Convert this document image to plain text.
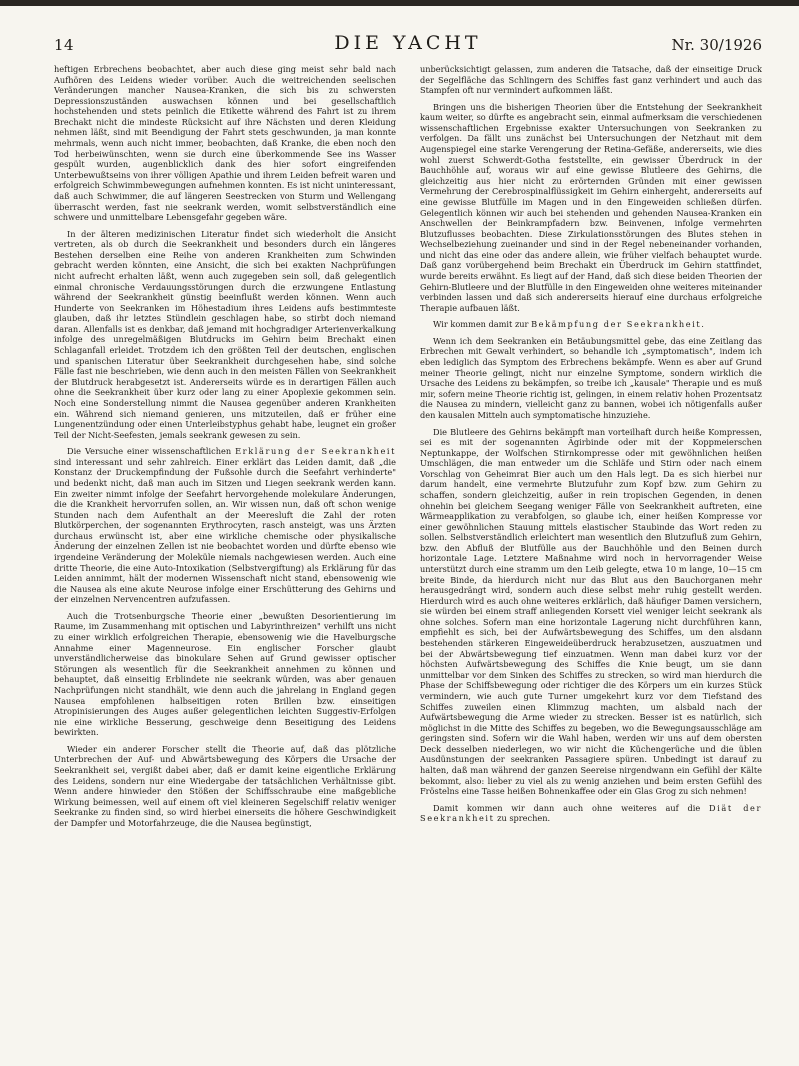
14	DIE YACHT	Nr. 30/1926

heftigen Erbrechens beobachtet, aber auch diese ging meist sehr bald nach Aufhören des Leidens wieder vorüber. Auch die weitreichenden seelischen Veränderungen mancher Nausea-Kranken, die sich bis zu schwersten Depressionszuständen auswachsen können und bei gesellschaftlich hochstehenden und stets peinlich die Etikette während des Fahrt ist zu ihrem Brechakt nicht die mindeste Rücksicht auf ihre Nächsten und deren Kleidung nehmen läßt, sind mit Beendigung der Fahrt stets geschwunden, ja man konnte mehrmals, wenn auch nicht immer, beobachten, daß Kranke, die eben noch den Tod herbeiwünschten, wenn sie durch eine überkommende See ins Wasser gespült wurden, augenblicklich dank des hier sofort eingreifenden Unterbewußtseins von ihrer völligen Apathie und ihrem Leiden befreit waren und erfolgreich Schwimmbewegungen aufnehmen konnten. Es ist nicht uninteressant, daß auch Schwimmer, die auf längeren Seestrecken von Sturm und Wellengang überrascht werden, fast nie seekrank werden, womit selbstverständlich eine schwere und unmittelbare Lebensgefahr gegeben wäre.

In der älteren medizinischen Literatur findet sich wiederholt die Ansicht vertreten, als ob durch die Seekrankheit und besonders durch ein längeres Bestehen derselben eine Reihe von anderen Krankheiten zum Schwinden gebracht werden könnten, eine Ansicht, die sich bei exakten Nachprüfungen nicht aufrecht erhalten läßt, wenn auch zugegeben sein soll, daß gelegentlich einmal chronische Verdauungsstörungen durch die erzwungene Entlastung während der Seekrankheit günstig beeinflußt werden können. Wenn auch Hunderte von Seekranken im Höhestadium ihres Leidens aufs bestimmteste glauben, daß ihr letztes Stündlein geschlagen habe, so stirbt doch niemand daran. Allenfalls ist es denkbar, daß jemand mit hochgradiger Arterienverkalkung infolge des unregelmäßigen Blutdrucks im Gehirn beim Brechakt einen Schlaganfall erleidet. Trotzdem ich den größten Teil der deutschen, englischen und spanischen Literatur über Seekrankheit durchgesehen habe, sind solche Fälle fast nie beschrieben, wie denn auch in den meisten Fällen von Seekrankheit der Blutdruck herabgesetzt ist. Andererseits würde es in derartigen Fällen auch ohne die Seekrankheit über kurz oder lang zu einer Apoplexie gekommen sein. Noch eine Sonderstellung nimmt die Nausea gegenüber anderen Krankheiten ein. Während sich niemand genieren, uns mitzuteilen, daß er früher eine Lungenentzündung oder einen Unterleibstyphus gehabt habe, leugnet ein großer Teil der Nicht-Seefesten, jemals seekrank gewesen zu sein.

Die Versuche einer wissenschaftlichen Erklärung der Seekrankheit sind interessant und sehr zahlreich. Einer erklärt das Leiden damit, daß „die Konstanz der Druckempfindung der Fußsohle durch die Seefahrt verhinderte" und bedenkt nicht, daß man auch im Sitzen und Liegen seekrank werden kann. Ein zweiter nimmt infolge der Seefahrt hervorgehende molekulare Änderungen, die die Krankheit hervorrufen sollen, an. Wir wissen nun, daß oft schon wenige Stunden nach dem Aufenthalt an der Meeresluft die Zahl der roten Blutkörperchen, der sogenannten Erythrocyten, rasch ansteigt, was uns Ärzten durchaus erwünscht ist, aber eine wirkliche chemische oder physikalische Änderung der einzelnen Zellen ist nie beobachtet worden und dürfte ebenso wie irgendeine Veränderung der Moleküle niemals nachgewiesen werden. Auch eine dritte Theorie, die eine Auto-Intoxikation (Selbstvergiftung) als Erklärung für das Leiden annimmt, hält der modernen Wissenschaft nicht stand, ebensowenig wie die Nausea als eine akute Neurose infolge einer Erschütterung des Gehirns und der einzelnen Nervencentren aufzufassen.

Auch die Trotsenburgsche Theorie einer „bewußten Desorientierung im Raume, im Zusammenhang mit optischen und Labyrinthreizen" verhilft uns nicht zu einer wirklich erfolgreichen Therapie, ebensowenig wie die Havelburgsche Annahme einer Magenneurose. Ein englischer Forscher glaubt unverständlicherweise das binokulare Sehen auf Grund gewisser optischer Störungen als wesentlich für die Seekrankheit annehmen zu können und behauptet, daß einseitig Erblindete nie seekrank würden, was aber genauen Nachprüfungen nicht standhält, wie denn auch die jahrelang in England gegen Nausea empfohlenen halbseitigen roten Brillen bzw. einseitigen Atropinisierungen des Auges außer gelegentlichen leichten Suggestiv-Erfolgen nie eine wirkliche Besserung, geschweige denn Beseitigung des Leidens bewirkten.

Wieder ein anderer Forscher stellt die Theorie auf, daß das plötzliche Unterbrechen der Auf- und Abwärtsbewegung des Körpers die Ursache der Seekrankheit sei, vergißt dabei aber, daß er damit keine eigentliche Erklärung des Leidens, sondern nur eine Wiedergabe der tatsächlichen Verhältnisse gibt. Wenn andere hinwieder den Stößen der Schiffsschraube eine maßgebliche Wirkung beimessen, weil auf einem oft viel kleineren Segelschiff relativ weniger Seekranke zu finden sind, so wird hierbei einerseits die höhere Geschwindigkeit der Dampfer und Motorfahrzeuge, die die Nausea begünstigt,

unberücksichtigt gelassen, zum anderen die Tatsache, daß der einseitige Druck der Segelfläche das Schlingern des Schiffes fast ganz verhindert und auch das Stampfen oft nur vermindert aufkommen läßt.

Bringen uns die bisherigen Theorien über die Entstehung der Seekrankheit kaum weiter, so dürfte es angebracht sein, einmal aufmerksam die verschiedenen wissenschaftlichen Ergebnisse exakter Untersuchungen von Seekranken zu verfolgen. Da fällt uns zunächst bei Untersuchungen der Netzhaut mit dem Augenspiegel eine starke Verengerung der Retina-Gefäße, andererseits, wie dies wohl zuerst Schwerdt-Gotha feststellte, ein gewisser Überdruck in der Bauchhöhle auf, woraus wir auf eine gewisse Blutleere des Gehirns, die gleichzeitig aus hier nicht zu erörternden Gründen mit einer gewissen Vermehrung der Cerebrospinalflüssigkeit im Gehirn einhergeht, andererseits auf eine gewisse Blutfülle im Magen und in den Eingeweiden schließen dürfen. Gelegentlich können wir auch bei stehenden und gehenden Nausea-Kranken ein Anschwellen der Beinkrampfadern bzw. Beinvenen, infolge vermehrten Blutzuflusses beobachten. Diese Zirkulationsstörungen des Blutes stehen in Wechselbeziehung zueinander und sind in der Regel nebeneinander vorhanden, und nicht das eine oder das andere allein, wie früher vielfach behauptet wurde. Daß ganz vorübergehend beim Brechakt ein Überdruck im Gehirn stattfindet, wurde bereits erwähnt. Es liegt auf der Hand, daß sich diese beiden Theorien der Gehirn-Blutleere und der Blutfülle in den Eingeweiden ohne weiteres miteinander verbinden lassen und daß sich andererseits hierauf eine durchaus erfolgreiche Therapie aufbauen läßt.

Wir kommen damit zur Bekämpfung der Seekrankheit.

Wenn ich dem Seekranken ein Betäubungsmittel gebe, das eine Zeitlang das Erbrechen mit Gewalt verhindert, so behandle ich „symptomatisch", indem ich eben lediglich das Symptom des Erbrechens bekämpfe. Wenn es aber auf Grund meiner Theorie gelingt, nicht nur einzelne Symptome, sondern wirklich die Ursache des Leidens zu bekämpfen, so treibe ich „kausale" Therapie und es muß mir, sofern meine Theorie richtig ist, gelingen, in einem relativ hohen Prozentsatz die Nausea zu mindern, vielleicht ganz zu bannen, wobei ich nötigenfalls außer den kausalen Mitteln auch symptomatische hinzuziehe.

Die Blutleere des Gehirns bekämpft man vorteilhaft durch heiße Kompressen, sei es mit der sogenannten Ägirbinde oder mit der Koppmeierschen Neptunkappe, der Wolfschen Stirnkompresse oder mit gewöhnlichen heißen Umschlägen, die man entweder um die Schläfe und Stirn oder nach einem Vorschlag von Geheimrat Bier auch um den Hals legt. Da es sich hierbei nur darum handelt, eine vermehrte Blutzufuhr zum Kopf bzw. zum Gehirn zu schaffen, sondern gleichzeitig, außer in rein tropischen Gegenden, in denen ohnehin bei gleichem Seegang weniger Fälle von Seekrankheit auftreten, eine Wärmeapplikation zu verabfolgen, so glaube ich, einer heißen Kompresse vor einer gewöhnlichen Stauung mittels elastischer Staubinde das Wort reden zu sollen. Selbstverständlich erleichtert man wesentlich den Blutzufluß zum Gehirn, bzw. den Abfluß der Blutfülle aus der Bauchhöhle und den Beinen durch horizontale Lage. Letztere Maßnahme wird noch in hervorragender Weise unterstützt durch eine stramm um den Leib gelegte, etwa 10 m lange, 10—15 cm breite Binde, da hierdurch nicht nur das Blut aus den Bauchorganen mehr herausgedrängt wird, sondern auch diese selbst mehr ruhig gestellt werden. Hierdurch wird es auch ohne weiteres erklärlich, daß häufiger Damen versichern, sie würden bei einem straff anliegenden Korsett viel weniger leicht seekrank als ohne solches. Sofern man eine horizontale Lagerung nicht durchführen kann, empfiehlt es sich, bei der Aufwärtsbewegung des Schiffes, um den alsdann bestehenden stärkeren Eingeweideüberdruck herabzusetzen, auszuatmen und bei der Abwärtsbewegung tief einzuatmen. Wenn man dabei kurz vor der höchsten Aufwärtsbewegung des Schiffes die Knie beugt, um sie dann unmittelbar vor dem Sinken des Schiffes zu strecken, so wird man hierdurch die Phase der Schiffsbewegung oder richtiger die des Körpers um ein kurzes Stück vermindern, wie auch gute Turner umgekehrt kurz vor dem Tiefstand des Schiffes zuweilen einen Klimmzug machten, um alsbald nach der Aufwärtsbewegung die Arme wieder zu strecken. Besser ist es natürlich, sich möglichst in die Mitte des Schiffes zu begeben, wo die Bewegungsausschläge am geringsten sind. Sofern wir die Wahl haben, werden wir uns auf dem obersten Deck desselben niederlegen, wo wir nicht die Küchengerüche und die üblen Ausdünstungen der seekranken Passagiere spüren. Unbedingt ist darauf zu halten, daß man während der ganzen Seereise nirgendwann ein Gefühl der Kälte bekommt, also: lieber zu viel als zu wenig anziehen und beim ersten Gefühl des Fröstelns eine Tasse heißen Bohnenkaffee oder ein Glas Grog zu sich nehmen!

Damit kommen wir dann auch ohne weiteres auf die Diät der Seekrankheit zu sprechen.
